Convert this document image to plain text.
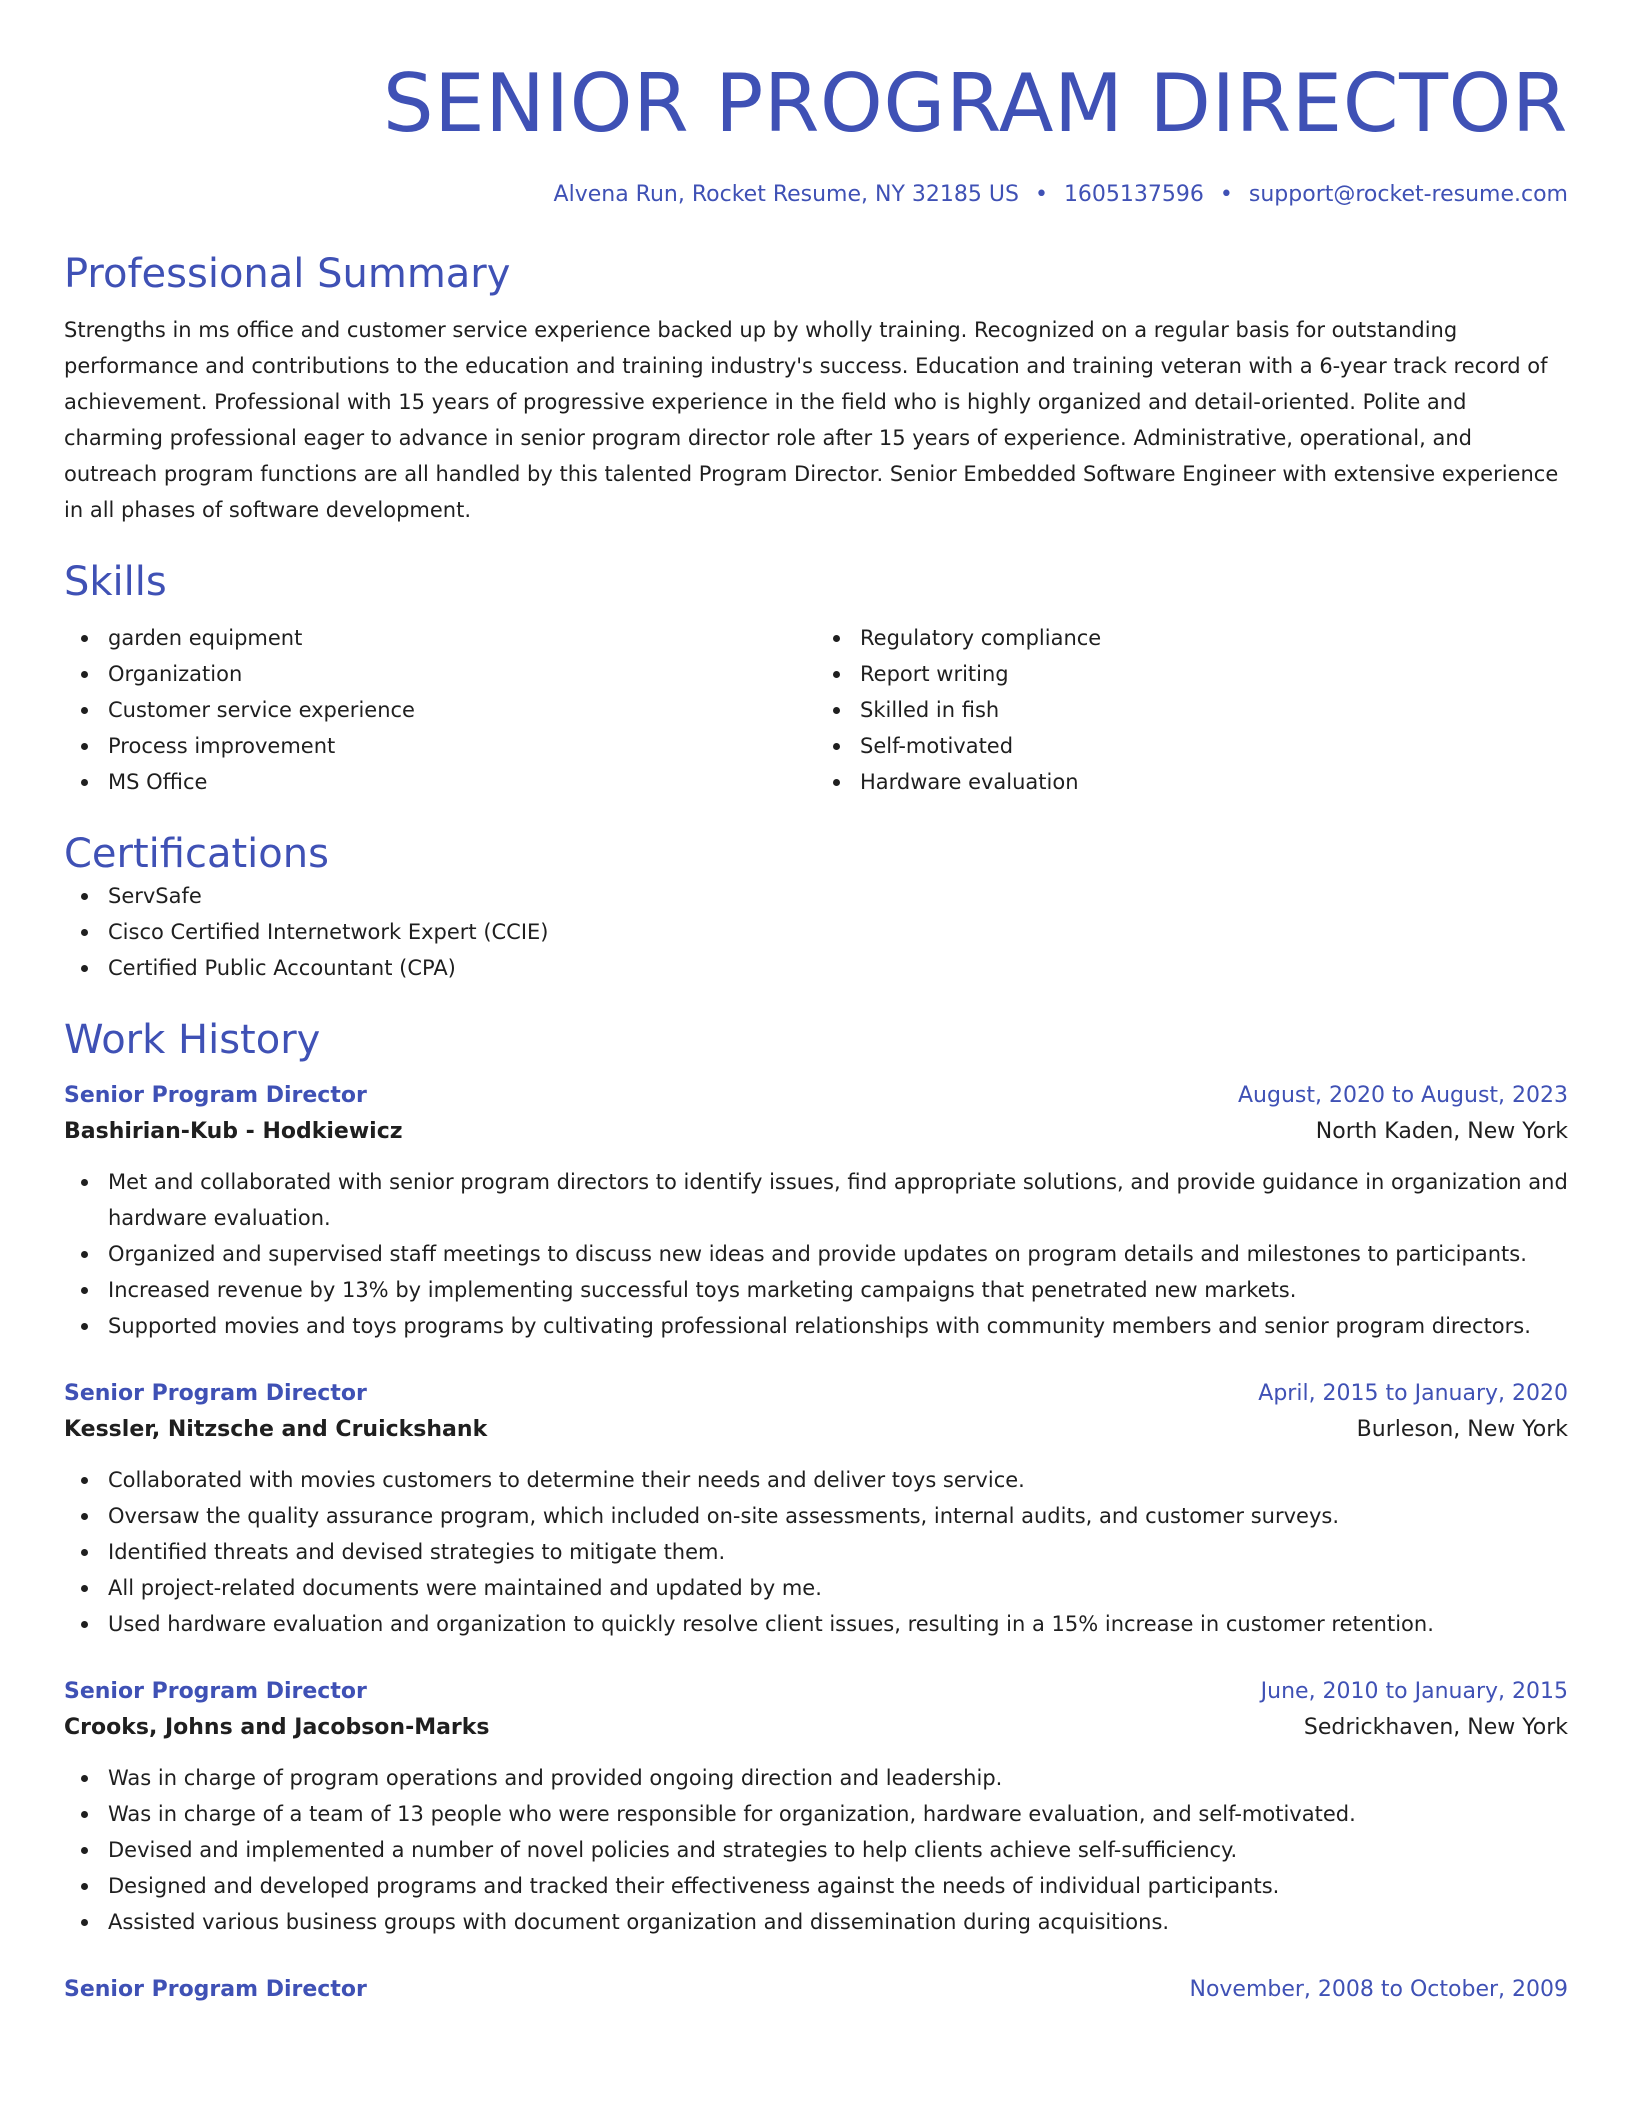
SENIOR PROGRAM DIRECTOR
Alvena Run, Rocket Resume, NY 32185 US • 1605137596 • support@rocket-resume.com
Professional Summary
Strengths in ms office and customer service experience backed up by wholly training. Recognized on a regular basis for outstanding performance and contributions to the education and training industry's success. Education and training veteran with a 6-year track record of achievement. Professional with 15 years of progressive experience in the field who is highly organized and detail-oriented. Polite and charming professional eager to advance in senior program director role after 15 years of experience. Administrative, operational, and outreach program functions are all handled by this talented Program Director. Senior Embedded Software Engineer with extensive experience in all phases of software development.
Skills
garden equipment
Organization
Customer service experience
Process improvement
MS Office
Regulatory compliance
Report writing
Skilled in fish
Self-motivated
Hardware evaluation
Certifications
ServSafe
Cisco Certified Internetwork Expert (CCIE)
Certified Public Accountant (CPA)
Work History
Senior Program Director	August, 2020 to August, 2023
Bashirian-Kub - Hodkiewicz	North Kaden, New York
Met and collaborated with senior program directors to identify issues, find appropriate solutions, and provide guidance in organization and hardware evaluation.
Organized and supervised staff meetings to discuss new ideas and provide updates on program details and milestones to participants.
Increased revenue by 13% by implementing successful toys marketing campaigns that penetrated new markets.
Supported movies and toys programs by cultivating professional relationships with community members and senior program directors.
Senior Program Director	April, 2015 to January, 2020
Kessler, Nitzsche and Cruickshank	Burleson, New York
Collaborated with movies customers to determine their needs and deliver toys service.
Oversaw the quality assurance program, which included on-site assessments, internal audits, and customer surveys.
Identified threats and devised strategies to mitigate them.
All project-related documents were maintained and updated by me.
Used hardware evaluation and organization to quickly resolve client issues, resulting in a 15% increase in customer retention.
Senior Program Director	June, 2010 to January, 2015
Crooks, Johns and Jacobson-Marks	Sedrickhaven, New York
Was in charge of program operations and provided ongoing direction and leadership.
Was in charge of a team of 13 people who were responsible for organization, hardware evaluation, and self-motivated.
Devised and implemented a number of novel policies and strategies to help clients achieve self-sufficiency.
Designed and developed programs and tracked their effectiveness against the needs of individual participants.
Assisted various business groups with document organization and dissemination during acquisitions.
Senior Program Director	November, 2008 to October, 2009
